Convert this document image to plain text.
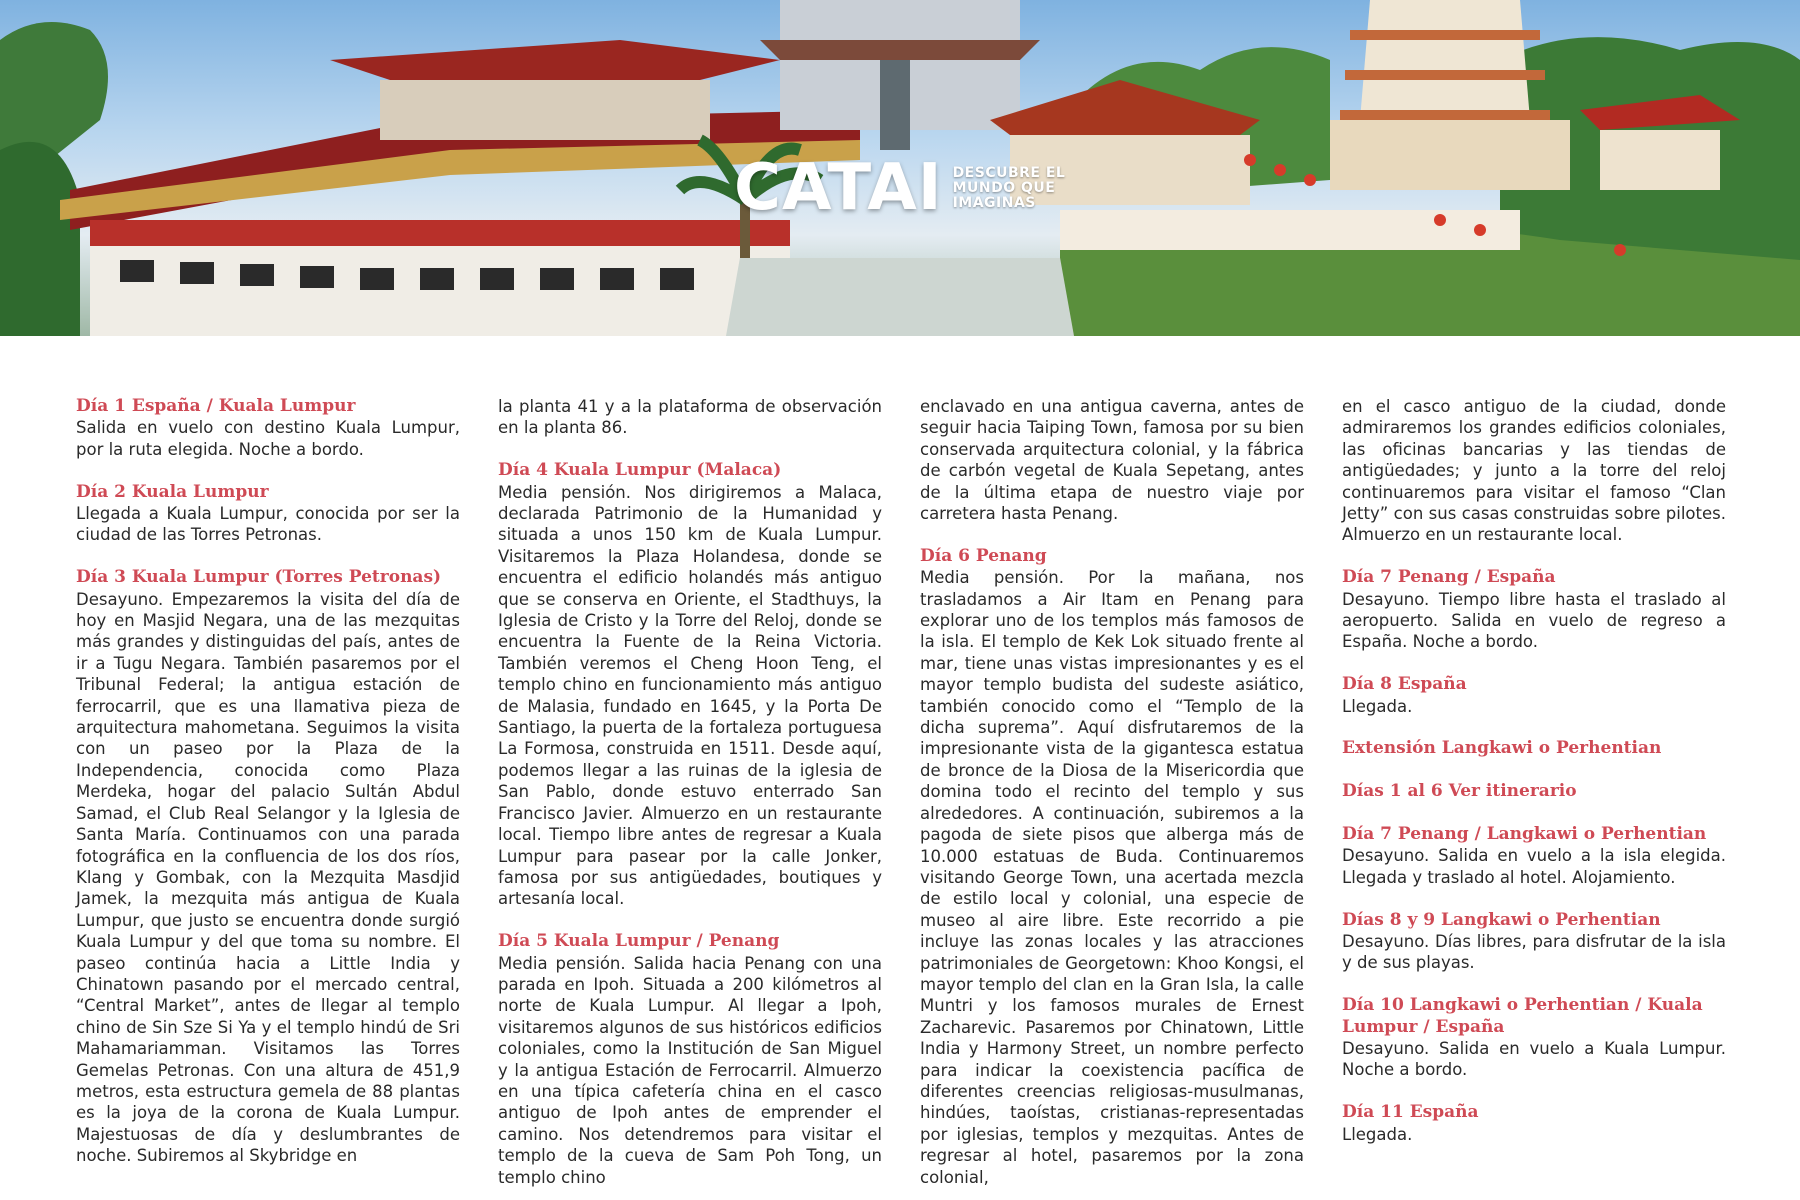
CATAI DESCUBRE EL
MUNDO QUE
IMAGINAS
Día 1 España / Kuala Lumpur

Salida en vuelo con destino Kuala Lumpur, por la ruta elegida. Noche a bordo.

Día 2 Kuala Lumpur

Llegada a Kuala Lumpur, conocida por ser la ciudad de las Torres Petronas.

Día 3 Kuala Lumpur (Torres Petronas)

Desayuno. Empezaremos la visita del día de hoy en Masjid Negara, una de las mezquitas más grandes y distinguidas del país, antes de ir a Tugu Negara. También pasaremos por el Tribunal Federal; la antigua estación de ferrocarril, que es una llamativa pieza de arquitectura mahometana. Seguimos la visita con un paseo por la Plaza de la Independencia, conocida como Plaza Merdeka, hogar del palacio Sultán Abdul Samad, el Club Real Selangor y la Iglesia de Santa María. Continuamos con una parada fotográfica en la confluencia de los dos ríos, Klang y Gombak, con la Mezquita Masdjid Jamek, la mezquita más antigua de Kuala Lumpur, que justo se encuentra donde surgió Kuala Lumpur y del que toma su nombre. El paseo continúa hacia a Little India y Chinatown pasando por el mercado central, “Central Market”, antes de llegar al templo chino de Sin Sze Si Ya y el templo hindú de Sri Mahamariamman. Visitamos las Torres Gemelas Petronas. Con una altura de 451,9 metros, esta estructura gemela de 88 plantas es la joya de la corona de Kuala Lumpur. Majestuosas de día y deslumbrantes de noche. Subiremos al Skybridge en

la planta 41 y a la plataforma de observación en la planta 86.

Día 4 Kuala Lumpur (Malaca)

Media pensión. Nos dirigiremos a Malaca, declarada Patrimonio de la Humanidad y situada a unos 150 km de Kuala Lumpur. Visitaremos la Plaza Holandesa, donde se encuentra el edificio holandés más antiguo que se conserva en Oriente, el Stadthuys, la Iglesia de Cristo y la Torre del Reloj, donde se encuentra la Fuente de la Reina Victoria. También veremos el Cheng Hoon Teng, el templo chino en funcionamiento más antiguo de Malasia, fundado en 1645, y la Porta De Santiago, la puerta de la fortaleza portuguesa La Formosa, construida en 1511. Desde aquí, podemos llegar a las ruinas de la iglesia de San Pablo, donde estuvo enterrado San Francisco Javier. Almuerzo en un restaurante local. Tiempo libre antes de regresar a Kuala Lumpur para pasear por la calle Jonker, famosa por sus antigüedades, boutiques y artesanía local.

Día 5 Kuala Lumpur / Penang

Media pensión. Salida hacia Penang con una parada en Ipoh. Situada a 200 kilómetros al norte de Kuala Lumpur. Al llegar a Ipoh, visitaremos algunos de sus históricos edificios coloniales, como la Institución de San Miguel y la antigua Estación de Ferrocarril. Almuerzo en una típica cafetería china en el casco antiguo de Ipoh antes de emprender el camino. Nos detendremos para visitar el templo de la cueva de Sam Poh Tong, un templo chino

enclavado en una antigua caverna, antes de seguir hacia Taiping Town, famosa por su bien conservada arquitectura colonial, y la fábrica de carbón vegetal de Kuala Sepetang, antes de la última etapa de nuestro viaje por carretera hasta Penang.

Día 6 Penang

Media pensión. Por la mañana, nos trasladamos a Air Itam en Penang para explorar uno de los templos más famosos de la isla. El templo de Kek Lok situado frente al mar, tiene unas vistas impresionantes y es el mayor templo budista del sudeste asiático, también conocido como el “Templo de la dicha suprema”. Aquí disfrutaremos de la impresionante vista de la gigantesca estatua de bronce de la Diosa de la Misericordia que domina todo el recinto del templo y sus alrededores. A continuación, subiremos a la pagoda de siete pisos que alberga más de 10.000 estatuas de Buda. Continuaremos visitando George Town, una acertada mezcla de estilo local y colonial, una especie de museo al aire libre. Este recorrido a pie incluye las zonas locales y las atracciones patrimoniales de Georgetown: Khoo Kongsi, el mayor templo del clan en la Gran Isla, la calle Muntri y los famosos murales de Ernest Zacharevic. Pasaremos por Chinatown, Little India y Harmony Street, un nombre perfecto para indicar la coexistencia pacífica de diferentes creencias religiosas-musulmanas, hindúes, taoístas, cristianas-representadas por iglesias, templos y mezquitas. Antes de regresar al hotel, pasaremos por la zona colonial,

en el casco antiguo de la ciudad, donde admiraremos los grandes edificios coloniales, las oficinas bancarias y las tiendas de antigüedades; y junto a la torre del reloj continuaremos para visitar el famoso “Clan Jetty” con sus casas construidas sobre pilotes. Almuerzo en un restaurante local.

Día 7 Penang / España

Desayuno. Tiempo libre hasta el traslado al aeropuerto. Salida en vuelo de regreso a España. Noche a bordo.

Día 8 España

Llegada.

Extensión Langkawi o Perhentian
Días 1 al 6 Ver itinerario
Día 7 Penang / Langkawi o Perhentian

Desayuno. Salida en vuelo a la isla elegida. Llegada y traslado al hotel. Alojamiento.

Días 8 y 9 Langkawi o Perhentian

Desayuno. Días libres, para disfrutar de la isla y de sus playas.

Día 10 Langkawi o Perhentian / Kuala Lumpur / España

Desayuno. Salida en vuelo a Kuala Lumpur. Noche a bordo.

Día 11 España

Llegada.
